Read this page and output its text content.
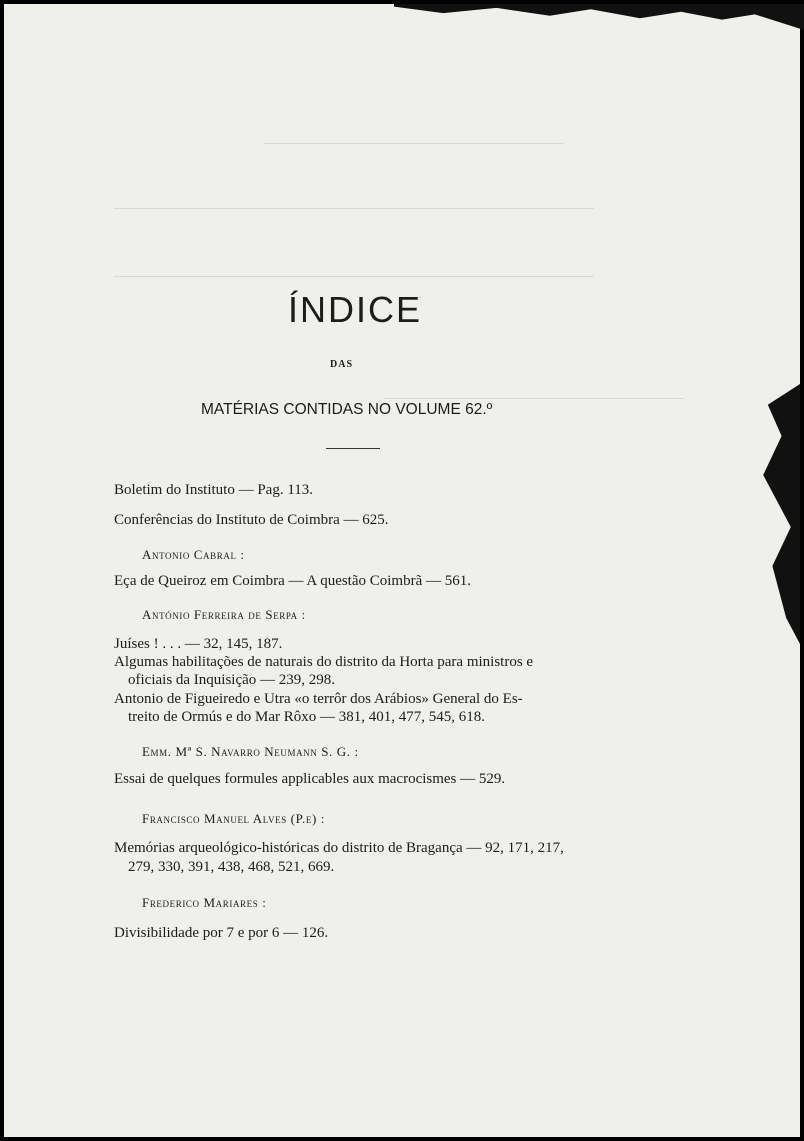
ÍNDICE
DAS
MATÉRIAS CONTIDAS NO VOLUME 62.º
Boletim do Instituto — Pag. 113.
Conferências do Instituto de Coimbra — 625.
Antonio Cabral :
Eça de Queiroz em Coimbra — A questão Coimbrã — 561.
António Ferreira de Serpa :
Juíses ! . . . — 32, 145, 187.
Algumas habilitações de naturais do distrito da Horta para ministros e
oficiais da Inquisição — 239, 298.
Antonio de Figueiredo e Utra «o terrôr dos Arábios» General do Es-
treito de Ormús e do Mar Rôxo — 381, 401, 477, 545, 618.
Emm. Mª S. Navarro Neumann S. G. :
Essai de quelques formules applicables aux macrocismes — 529.
Francisco Manuel Alves (P.e) :
Memórias arqueológico-históricas do distrito de Bragança — 92, 171, 217,
279, 330, 391, 438, 468, 521, 669.
Frederico Mariares :
Divisibilidade por 7 e por 6 — 126.
